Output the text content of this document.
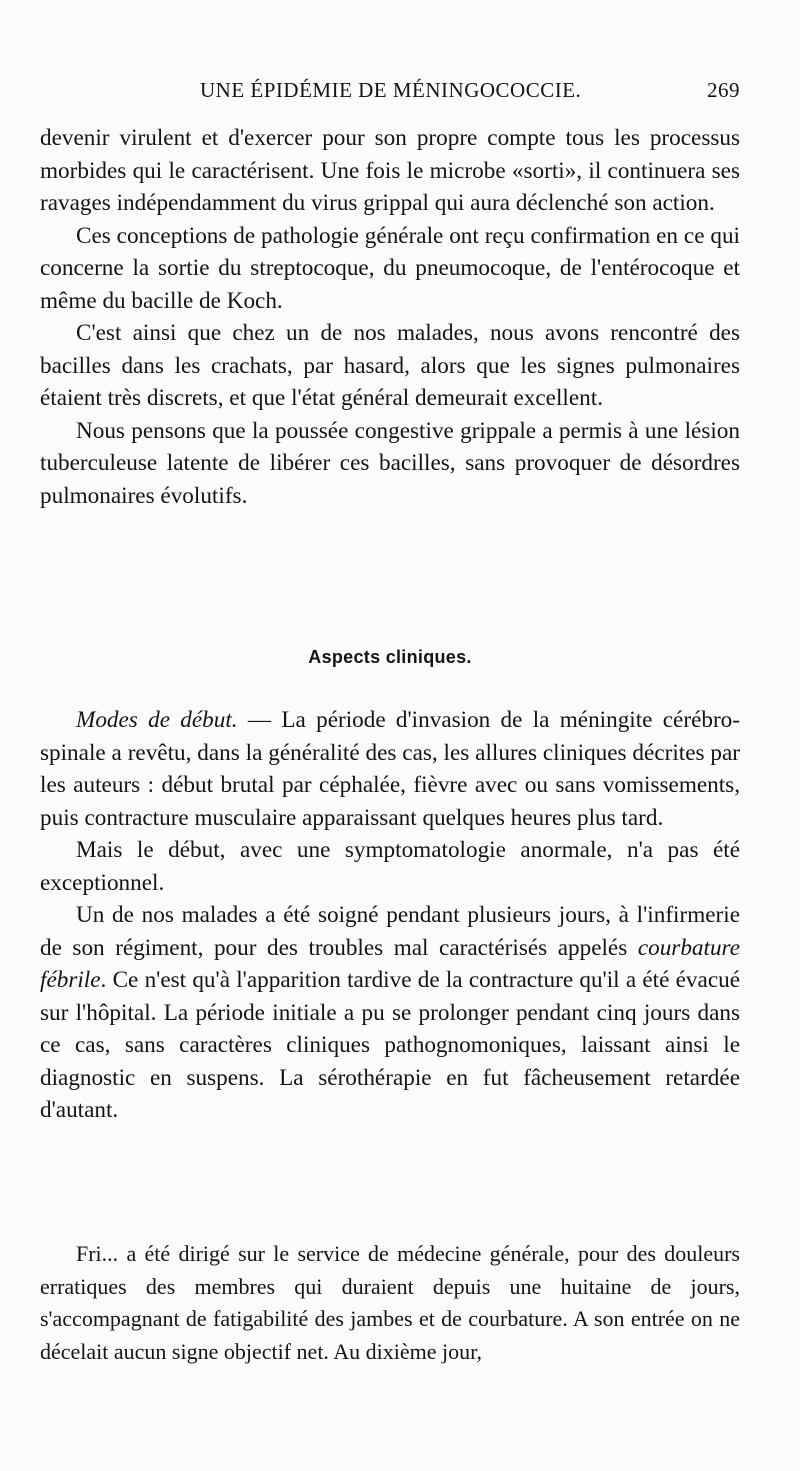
UNE ÉPIDÉMIE DE MÉNINGOCOCCIE.	269

devenir virulent et d'exercer pour son propre compte tous les processus morbides qui le caractérisent. Une fois le microbe «sorti», il continuera ses ravages indépendamment du virus grippal qui aura déclenché son action.

Ces conceptions de pathologie générale ont reçu confirmation en ce qui concerne la sortie du streptocoque, du pneumocoque, de l'entérocoque et même du bacille de Koch.

C'est ainsi que chez un de nos malades, nous avons rencontré des bacilles dans les crachats, par hasard, alors que les signes pulmonaires étaient très discrets, et que l'état général demeurait excellent.

Nous pensons que la poussée congestive grippale a permis à une lésion tuberculeuse latente de libérer ces bacilles, sans provoquer de désordres pulmonaires évolutifs.

Aspects cliniques.

Modes de début. — La période d'invasion de la méningite cérébro-spinale a revêtu, dans la généralité des cas, les allures cliniques décrites par les auteurs : début brutal par céphalée, fièvre avec ou sans vomissements, puis contracture musculaire apparaissant quelques heures plus tard.

Mais le début, avec une symptomatologie anormale, n'a pas été exceptionnel.

Un de nos malades a été soigné pendant plusieurs jours, à l'infirmerie de son régiment, pour des troubles mal caractérisés appelés courbature fébrile. Ce n'est qu'à l'apparition tardive de la contracture qu'il a été évacué sur l'hôpital. La période initiale a pu se prolonger pendant cinq jours dans ce cas, sans caractères cliniques pathognomoniques, laissant ainsi le diagnostic en suspens. La sérothérapie en fut fâcheusement retardée d'autant.

Fri... a été dirigé sur le service de médecine générale, pour des douleurs erratiques des membres qui duraient depuis une huitaine de jours, s'accompagnant de fatigabilité des jambes et de courbature. A son entrée on ne décelait aucun signe objectif net. Au dixième jour,
